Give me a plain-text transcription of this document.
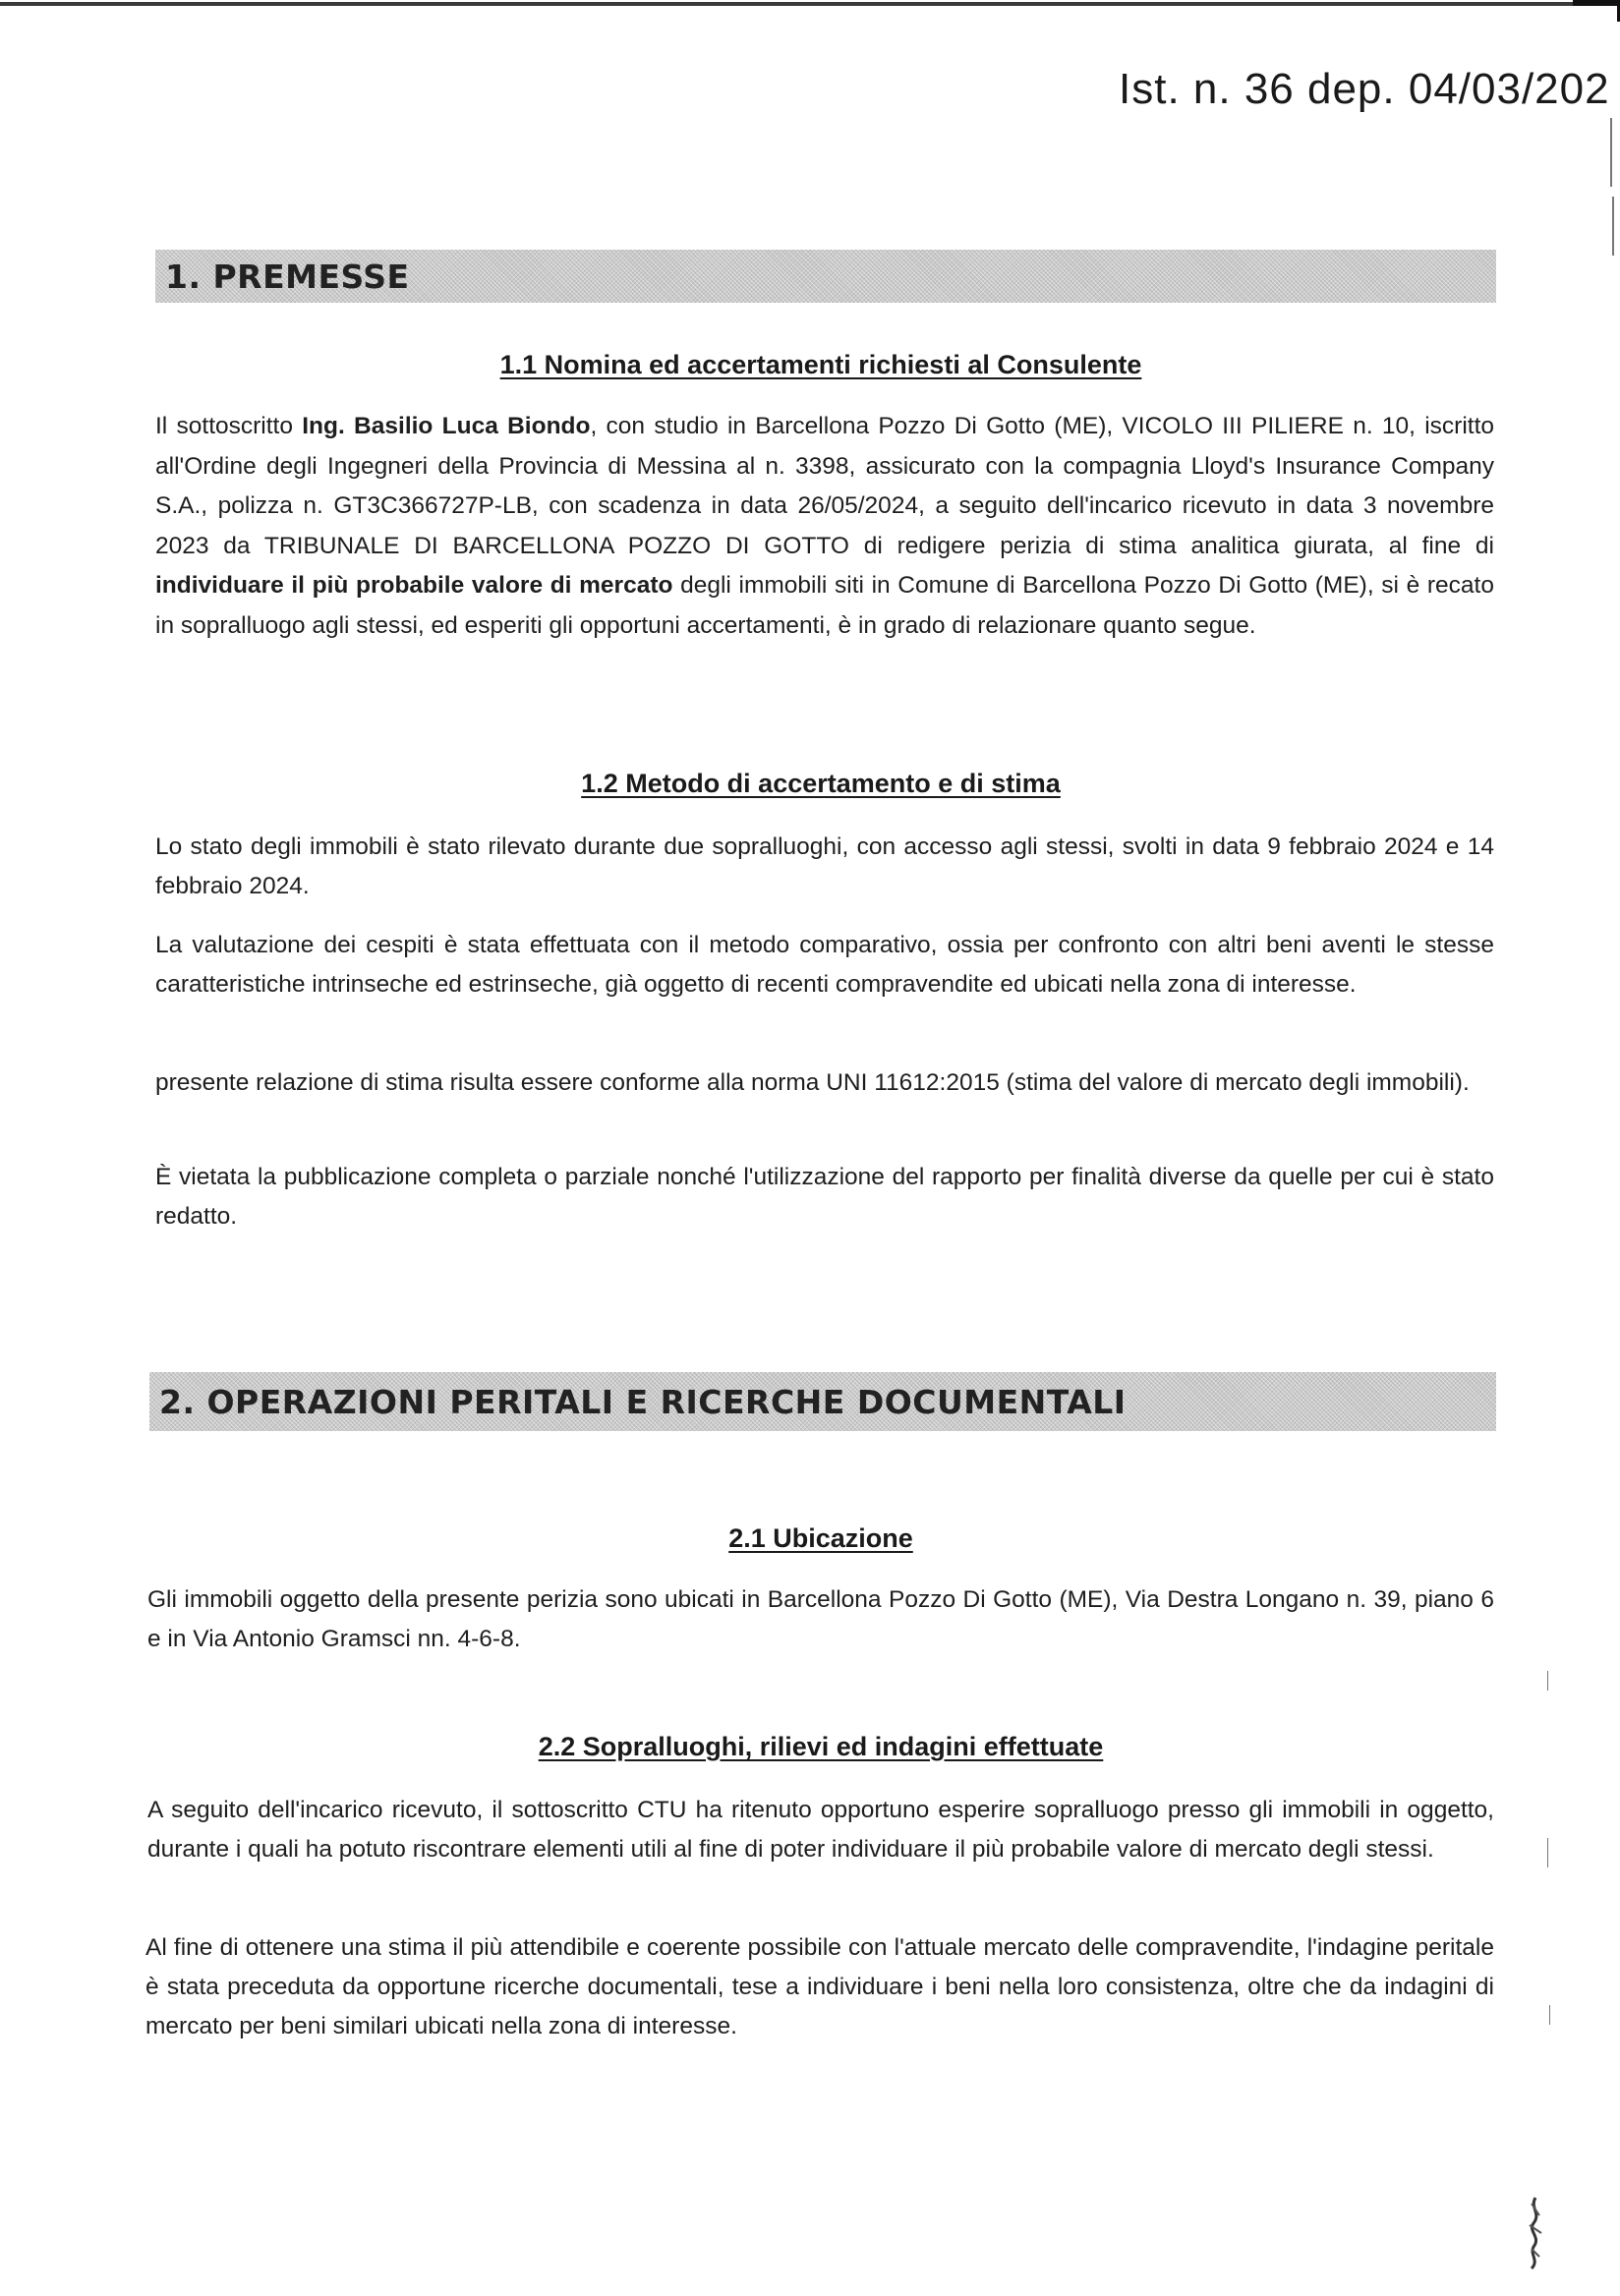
Ist. n. 36 dep. 04/03/202
1. PREMESSE
1.1 Nomina ed accertamenti richiesti al Consulente

Il sottoscritto Ing. Basilio Luca Biondo, con studio in Barcellona Pozzo Di Gotto (ME), VICOLO III PILIERE n. 10, iscritto all'Ordine degli Ingegneri della Provincia di Messina al n. 3398, assicurato con la compagnia Lloyd's Insurance Company S.A., polizza n. GT3C366727P-LB, con scadenza in data 26/05/2024, a seguito dell'incarico ricevuto in data 3 novembre 2023 da TRIBUNALE DI BARCELLONA POZZO DI GOTTO di redigere perizia di stima analitica giurata, al fine di individuare il più probabile valore di mercato degli immobili siti in Comune di Barcellona Pozzo Di Gotto (ME), si è recato in sopralluogo agli stessi, ed esperiti gli opportuni accertamenti, è in grado di relazionare quanto segue.

1.2 Metodo di accertamento e di stima

Lo stato degli immobili è stato rilevato durante due sopralluoghi, con accesso agli stessi, svolti in data 9 febbraio 2024 e 14 febbraio 2024.

La valutazione dei cespiti è stata effettuata con il metodo comparativo, ossia per confronto con altri beni aventi le stesse caratteristiche intrinseche ed estrinseche, già oggetto di recenti compravendite ed ubicati nella zona di interesse.

presente relazione di stima risulta essere conforme alla norma UNI 11612:2015 (stima del valore di mercato degli immobili).

È vietata la pubblicazione completa o parziale nonché l'utilizzazione del rapporto per finalità diverse da quelle per cui è stato redatto.

2. OPERAZIONI PERITALI E RICERCHE DOCUMENTALI
2.1 Ubicazione

Gli immobili oggetto della presente perizia sono ubicati in Barcellona Pozzo Di Gotto (ME), Via Destra Longano n. 39, piano 6 e in Via Antonio Gramsci nn. 4-6-8.

2.2 Sopralluoghi, rilievi ed indagini effettuate

A seguito dell'incarico ricevuto, il sottoscritto CTU ha ritenuto opportuno esperire sopralluogo presso gli immobili in oggetto, durante i quali ha potuto riscontrare elementi utili al fine di poter individuare il più probabile valore di mercato degli stessi.

Al fine di ottenere una stima il più attendibile e coerente possibile con l'attuale mercato delle compravendite, l'indagine peritale è stata preceduta da opportune ricerche documentali, tese a individuare i beni nella loro consistenza, oltre che da indagini di mercato per beni similari ubicati nella zona di interesse.
